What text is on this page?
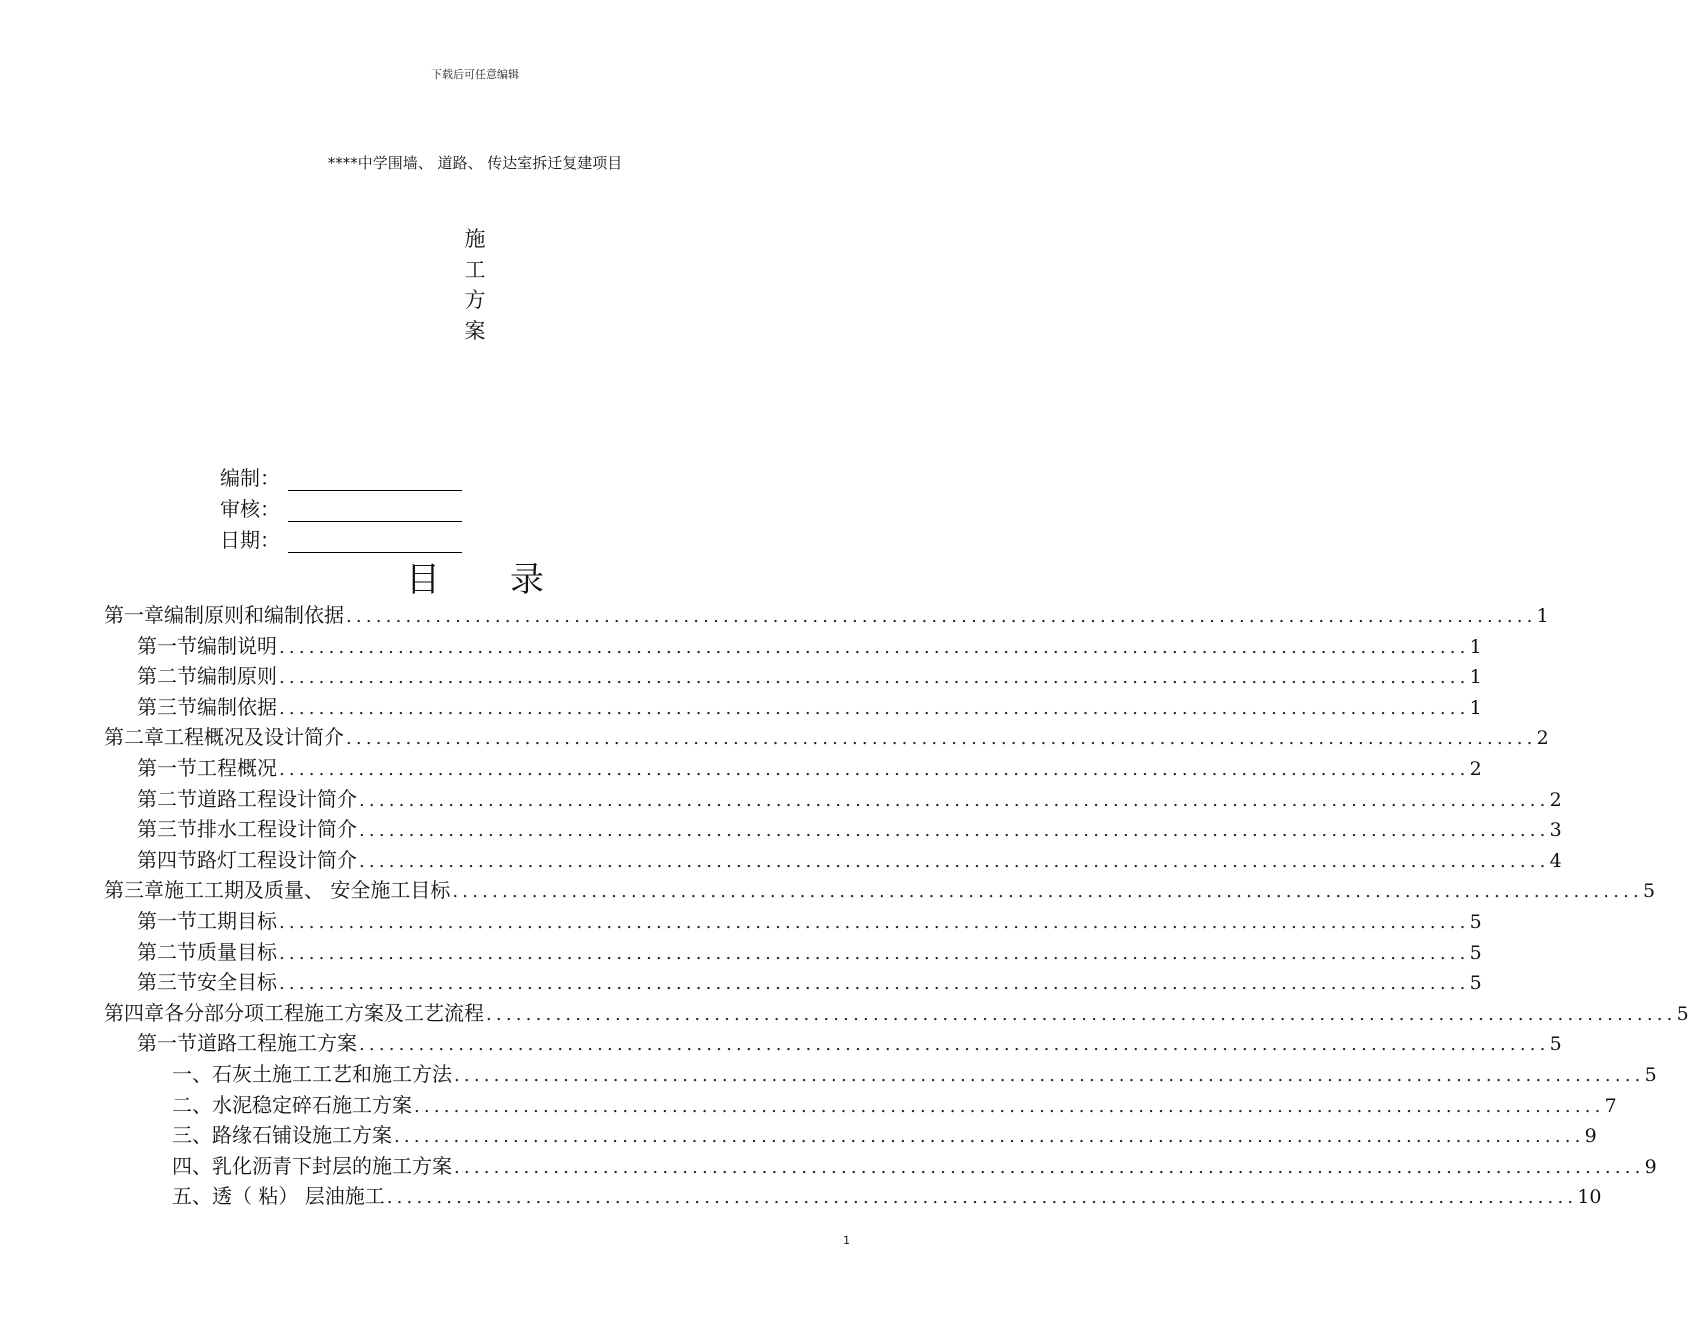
下载后可任意编辑
****中学围墙、 道路、 传达室拆迁复建项目
施
工
方
案
编制：
审核：
日期：
目 录
第一章 编制原则和编制依据 ........................................................................................................................ 1
第一节 编制说明 ........................................................................................................................ 1
第二节 编制原则 ........................................................................................................................ 1
第三节 编制依据 ........................................................................................................................ 1
第二章 工程概况及设计简介 ........................................................................................................................ 2
第一节 工程概况 ........................................................................................................................ 2
第二节 道路工程设计简介 ........................................................................................................................ 2
第三节 排水工程设计简介 ........................................................................................................................ 3
第四节 路灯工程设计简介 ........................................................................................................................ 4
第三章 施工工期及质量、 安全施工目标 ........................................................................................................................ 5
第一节 工期目标 ........................................................................................................................ 5
第二节 质量目标 ........................................................................................................................ 5
第三节 安全目标 ........................................................................................................................ 5
第四章 各分部分项工程施工方案及工艺流程 ........................................................................................................................ 5
第一节 道路工程施工方案 ........................................................................................................................ 5
一、 石灰土施工工艺和施工方法 ........................................................................................................................ 5
二、 水泥稳定碎石施工方案 ........................................................................................................................ 7
三、 路缘石铺设施工方案 ........................................................................................................................ 9
四、 乳化沥青下封层的施工方案 ........................................................................................................................ 9
五、 透（ 粘） 层油施工 ........................................................................................................................ 10
1
